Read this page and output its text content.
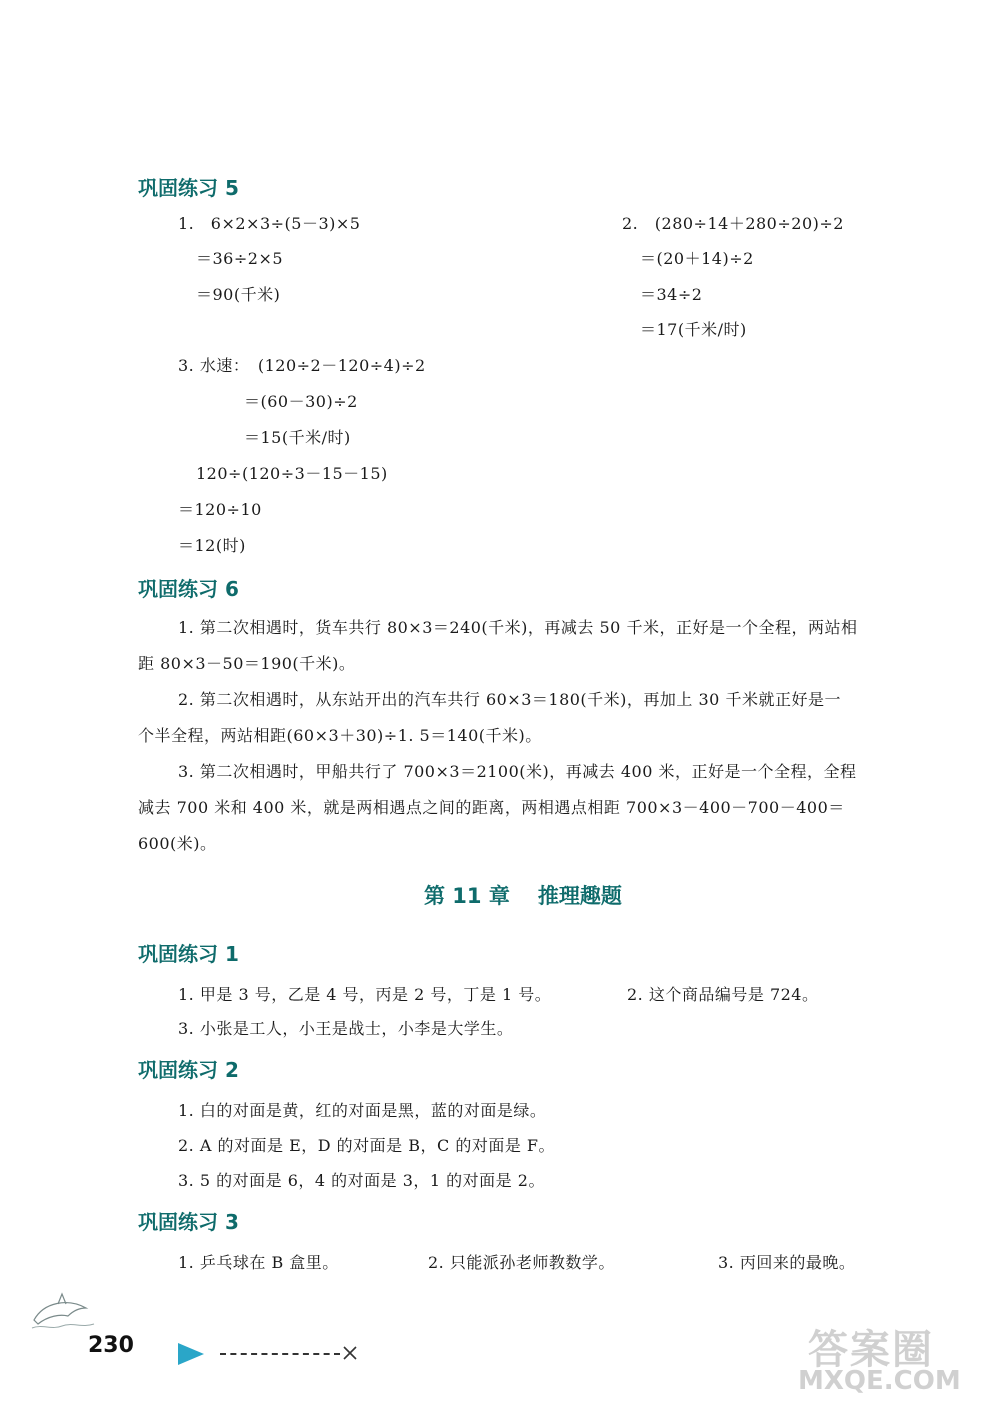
巩固练习 5
1.　6×2×3÷(5－3)×5
＝36÷2×5
＝90(千米)
2.　(280÷14＋280÷20)÷2
＝(20＋14)÷2
＝34÷2
＝17(千米/时)
3. 水速：　(120÷2－120÷4)÷2
＝(60－30)÷2
＝15(千米/时)
120÷(120÷3－15－15)
＝120÷10
＝12(时)
巩固练习 6
1. 第二次相遇时，货车共行 80×3＝240(千米)，再减去 50 千米，正好是一个全程，两站相
距 80×3－50＝190(千米)。
2. 第二次相遇时，从东站开出的汽车共行 60×3＝180(千米)，再加上 30 千米就正好是一
个半全程，两站相距(60×3＋30)÷1. 5＝140(千米)。
3. 第二次相遇时，甲船共行了 700×3＝2100(米)，再减去 400 米，正好是一个全程，全程
减去 700 米和 400 米，就是两相遇点之间的距离，两相遇点相距 700×3－400－700－400＝
600(米)。
第 11 章 推理趣题
巩固练习 1
1. 甲是 3 号，乙是 4 号，丙是 2 号，丁是 1 号。	2. 这个商品编号是 724。
3. 小张是工人，小王是战士，小李是大学生。
巩固练习 2
1. 白的对面是黄，红的对面是黑，蓝的对面是绿。
2. A 的对面是 E，D 的对面是 B，C 的对面是 F。
3. 5 的对面是 6，4 的对面是 3，1 的对面是 2。
巩固练习 3
1. 乒乓球在 B 盒里。	2. 只能派孙老师教数学。	3. 丙回来的最晚。
230	答案圈
MXQE.COM
